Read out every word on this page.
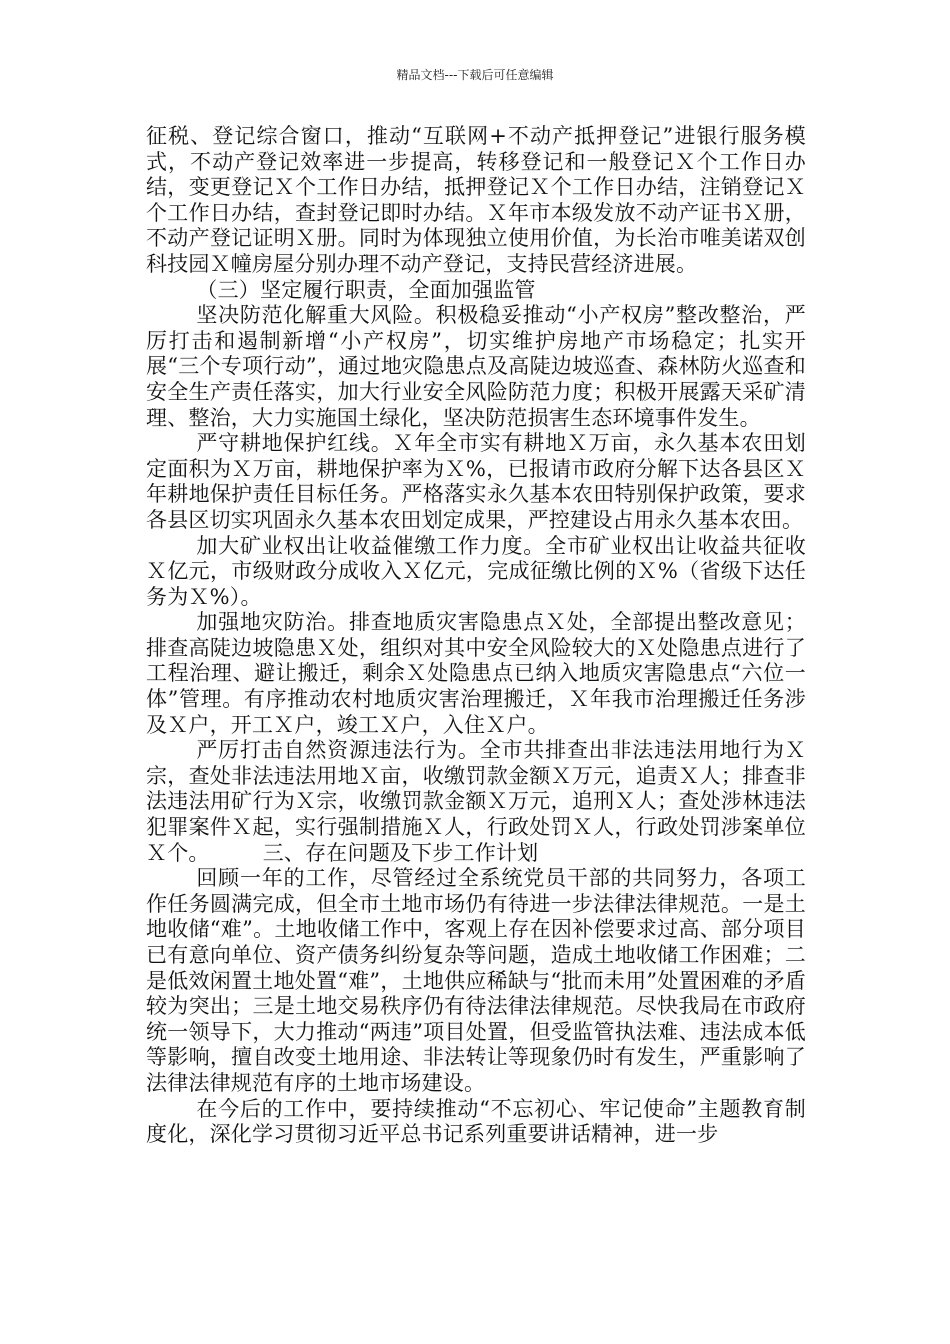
精品文档---下载后可任意编辑

征税、登记综合窗口，推动“互联网+不动产抵押登记”进银行服务模式，不动产登记效率进一步提高，转移登记和一般登记Ｘ个工作日办结，变更登记Ｘ个工作日办结，抵押登记Ｘ个工作日办结，注销登记Ｘ个工作日办结，查封登记即时办结。Ｘ年市本级发放不动产证书Ｘ册，不动产登记证明Ｘ册。同时为体现独立使用价值，为长治市唯美诺双创科技园Ｘ幢房屋分别办理不动产登记，支持民营经济进展。

（三）坚定履行职责，全面加强监管

坚决防范化解重大风险。积极稳妥推动“小产权房”整改整治，严厉打击和遏制新增“小产权房”，切实维护房地产市场稳定；扎实开展“三个专项行动”，通过地灾隐患点及高陡边坡巡查、森林防火巡查和安全生产责任落实，加大行业安全风险防范力度；积极开展露天采矿清理、整治，大力实施国土绿化，坚决防范损害生态环境事件发生。

严守耕地保护红线。Ｘ年全市实有耕地Ｘ万亩，永久基本农田划定面积为Ｘ万亩，耕地保护率为Ｘ%，已报请市政府分解下达各县区Ｘ年耕地保护责任目标任务。严格落实永久基本农田特别保护政策，要求各县区切实巩固永久基本农田划定成果，严控建设占用永久基本农田。

加大矿业权出让收益催缴工作力度。全市矿业权出让收益共征收Ｘ亿元，市级财政分成收入Ｘ亿元，完成征缴比例的Ｘ%（省级下达任务为Ｘ%）。

加强地灾防治。排查地质灾害隐患点Ｘ处，全部提出整改意见；排查高陡边坡隐患Ｘ处，组织对其中安全风险较大的Ｘ处隐患点进行了工程治理、避让搬迁，剩余Ｘ处隐患点已纳入地质灾害隐患点“六位一体”管理。有序推动农村地质灾害治理搬迁，Ｘ年我市治理搬迁任务涉及Ｘ户，开工Ｘ户，竣工Ｘ户，入住Ｘ户。

严厉打击自然资源违法行为。全市共排查出非法违法用地行为Ｘ宗，查处非法违法用地Ｘ亩，收缴罚款金额Ｘ万元，追责Ｘ人；排查非法违法用矿行为Ｘ宗，收缴罚款金额Ｘ万元，追刑Ｘ人；查处涉林违法犯罪案件Ｘ起，实行强制措施Ｘ人，行政处罚Ｘ人，行政处罚涉案单位Ｘ个。　　　三、存在问题及下步工作计划

回顾一年的工作，尽管经过全系统党员干部的共同努力，各项工作任务圆满完成，但全市土地市场仍有待进一步法律法律规范。一是土地收储“难”。土地收储工作中，客观上存在因补偿要求过高、部分项目已有意向单位、资产债务纠纷复杂等问题，造成土地收储工作困难；二是低效闲置土地处置“难”，土地供应稀缺与“批而未用”处置困难的矛盾较为突出；三是土地交易秩序仍有待法律法律规范。尽快我局在市政府统一领导下，大力推动“两违”项目处置，但受监管执法难、违法成本低等影响，擅自改变土地用途、非法转让等现象仍时有发生，严重影响了法律法律规范有序的土地市场建设。

在今后的工作中，要持续推动“不忘初心、牢记使命”主题教育制度化，深化学习贯彻习近平总书记系列重要讲话精神，进一步
